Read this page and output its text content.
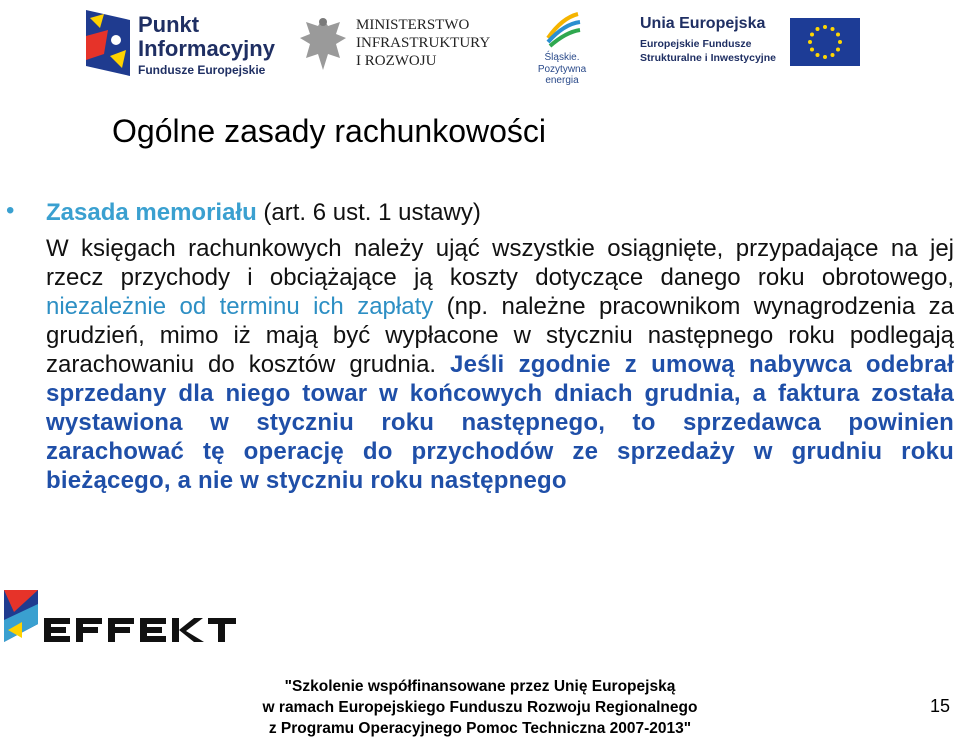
Punkt
Informacyjny
Fundusze Europejskie
MINISTERSTWO
INFRASTRUKTURY
I ROZWOJU	Śląskie.
Pozytywna energia
Unia Europejska
Europejskie Fundusze
Strukturalne i Inwestycyjne
Ogólne zasady rachunkowości
• Zasada memoriału (art. 6 ust. 1 ustawy)

W księgach rachunkowych należy ująć wszystkie osiągnięte, przypadające na jej rzecz przychody i obciążające ją koszty dotyczące danego roku obrotowego, niezależnie od terminu ich zapłaty (np. należne pracownikom wynagrodzenia za grudzień, mimo iż mają być wypłacone w styczniu następnego roku podlegają zarachowaniu do kosztów grudnia. Jeśli zgodnie z umową nabywca odebrał sprzedany dla niego towar w końcowych dniach grudnia, a faktura została wystawiona w styczniu roku następnego, to sprzedawca powinien zarachować tę operację do przychodów ze sprzedaży w grudniu roku bieżącego, a nie w styczniu roku następnego

"Szkolenie współfinansowane przez Unię Europejską
w ramach Europejskiego Funduszu Rozwoju Regionalnego
z Programu Operacyjnego Pomoc Techniczna 2007-2013"
15
